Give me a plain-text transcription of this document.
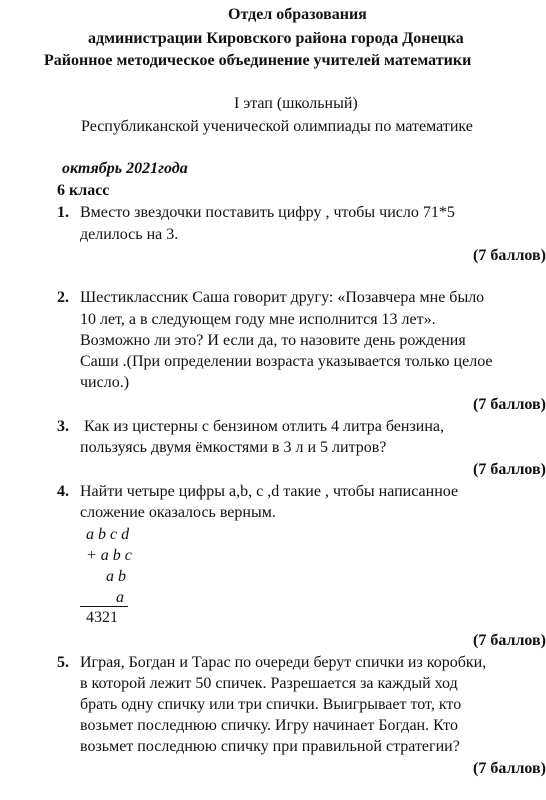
Отдел образования
администрации Кировского района города Донецка
Районное методическое объединение учителей математики
I этап (школьный)
Республиканской ученической олимпиады по математике
октябрь 2021года
6 класс
1. Вместо звездочки поставить цифру , чтобы число 71*5
делилось на 3.
(7 баллов)
2. Шестиклассник Саша говорит другу: «Позавчера мне было
10 лет, а в следующем году мне исполнится 13 лет».
Возможно ли это? И если да, то назовите день рождения
Саши .(При определении возраста указывается только целое
число.)
(7 баллов)
3. Как из цистерны с бензином отлить 4 литра бензина,
пользуясь двумя ёмкостями в 3 л и 5 литров?
(7 баллов)
4. Найти четыре цифры a,b, c ,d такие , чтобы написанное
сложение оказалось верным.
a b c d
+ a b c
a b
a
4321
(7 баллов)
5. Играя, Богдан и Тарас по очереди берут спички из коробки,
в которой лежит 50 спичек. Разрешается за каждый ход
брать одну спичку или три спички. Выигрывает тот, кто
возьмет последнюю спичку. Игру начинает Богдан. Кто
возьмет последнюю спичку при правильной стратегии?
(7 баллов)
